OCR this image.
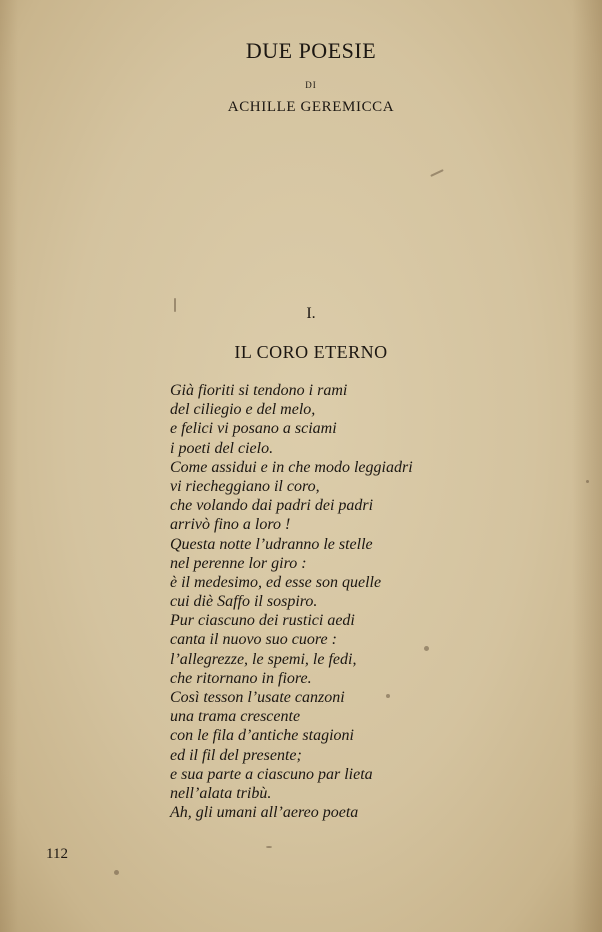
DUE POESIE
DI
ACHILLE GEREMICCA
I.
IL CORO ETERNO
Già fioriti si tendono i rami
del ciliegio e del melo,
e felici vi posano a sciami
i poeti del cielo.
Come assidui e in che modo leggiadri
vi riecheggiano il coro,
che volando dai padri dei padri
arrivò fino a loro !
Questa notte l’udranno le stelle
nel perenne lor giro :
è il medesimo, ed esse son quelle
cui diè Saffo il sospiro.
Pur ciascuno dei rustici aedi
canta il nuovo suo cuore :
l’allegrezze, le spemi, le fedi,
che ritornano in fiore.
Così tesson l’usate canzoni
una trama crescente
con le fila d’antiche stagioni
ed il fil del presente;
e sua parte a ciascuno par lieta
nell’alata tribù.
Ah, gli umani all’aereo poeta
112
